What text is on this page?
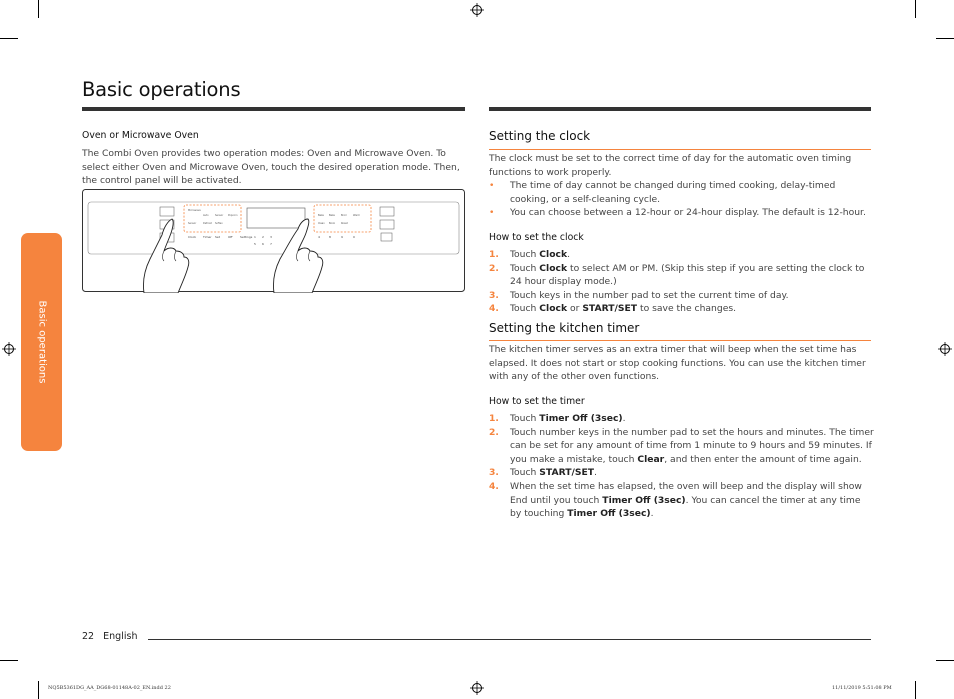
Basic operations
Basic operations
Oven or Microwave Oven
The Combi Oven provides two operation modes: Oven and Microwave Oven. To select either Oven and Microwave Oven, touch the desired operation mode. Then, the control panel will be activated.
Microwave
Auto	Sensor Popcorn
Sensor	Defrost Soften
Bake Bake	Broil	Warm
Clean Book	Roast
Clock	Timer Set	Off	Settings 1 2 3
5 6 7
4	8	9	0
Setting the clock
The clock must be set to the correct time of day for the automatic oven timing functions to work properly.
• The time of day cannot be changed during timed cooking, delay-timed cooking, or a self-cleaning cycle.
• You can choose between a 12-hour or 24-hour display. The default is 12-hour.
How to set the clock
1. Touch Clock.
2. Touch Clock to select AM or PM. (Skip this step if you are setting the clock to 24 hour display mode.)
3. Touch keys in the number pad to set the current time of day.
4. Touch Clock or START/SET to save the changes.
Setting the kitchen timer
The kitchen timer serves as an extra timer that will beep when the set time has elapsed. It does not start or stop cooking functions. You can use the kitchen timer with any of the other oven functions.
How to set the timer
1. Touch Timer Off (3sec).
2. Touch number keys in the number pad to set the hours and minutes. The timer can be set for any amount of time from 1 minute to 9 hours and 59 minutes. If you make a mistake, touch Clear, and then enter the amount of time again.
3. Touch START/SET.
4. When the set time has elapsed, the oven will beep and the display will show End until you touch Timer Off (3sec). You can cancel the timer at any time by touching Timer Off (3sec).
22 English
NQ5B5361DG_AA_DG68-01148A-02_EN.indd 22	11/11/2019 5:51:08 PM
